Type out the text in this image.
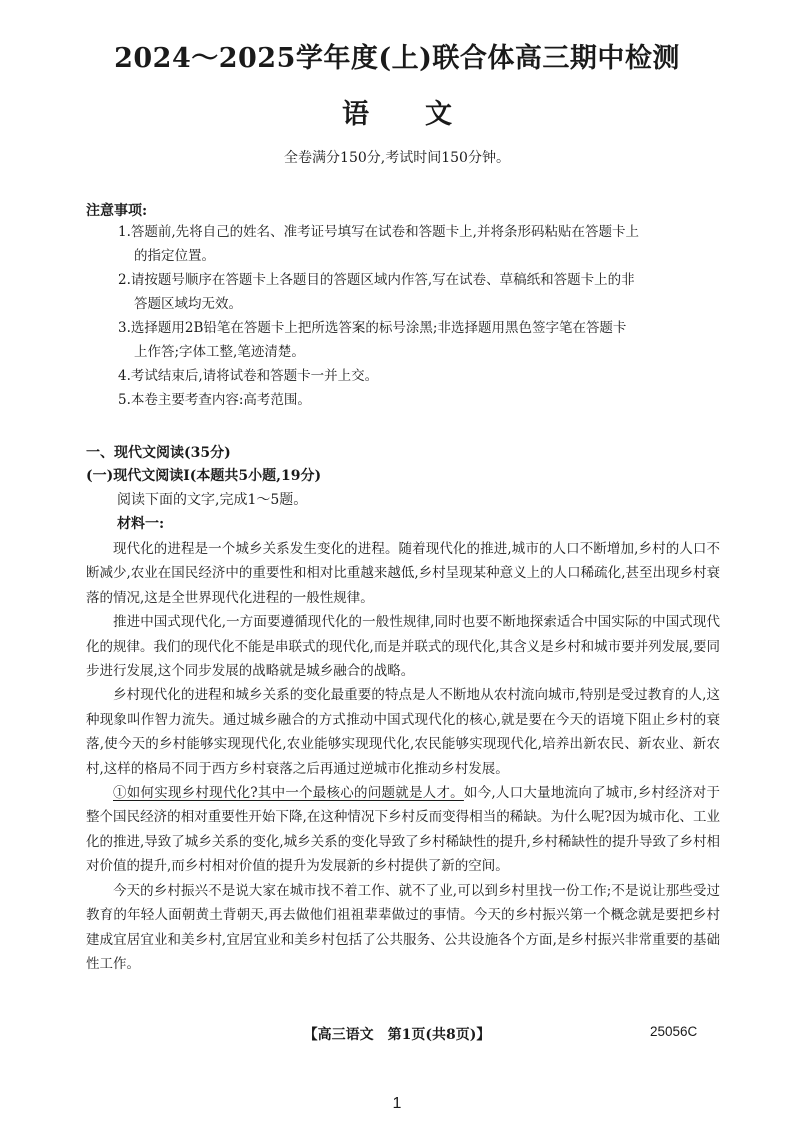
2024～2025学年度(上)联合体高三期中检测
语文
全卷满分150分,考试时间150分钟。
注意事项:
1.答题前,先将自己的姓名、准考证号填写在试卷和答题卡上,并将条形码粘贴在答题卡上
的指定位置。
2.请按题号顺序在答题卡上各题目的答题区域内作答,写在试卷、草稿纸和答题卡上的非
答题区域均无效。
3.选择题用2B铅笔在答题卡上把所选答案的标号涂黑;非选择题用黑色签字笔在答题卡
上作答;字体工整,笔迹清楚。
4.考试结束后,请将试卷和答题卡一并上交。
5.本卷主要考查内容:高考范围。
一、现代文阅读(35分)
(一)现代文阅读Ⅰ(本题共5小题,19分)
阅读下面的文字,完成1～5题。
材料一:

现代化的进程是一个城乡关系发生变化的进程。随着现代化的推进,城市的人口不断增加,乡村的人口不断减少,农业在国民经济中的重要性和相对比重越来越低,乡村呈现某种意义上的人口稀疏化,甚至出现乡村衰落的情况,这是全世界现代化进程的一般性规律。

推进中国式现代化,一方面要遵循现代化的一般性规律,同时也要不断地探索适合中国实际的中国式现代化的规律。我们的现代化不能是串联式的现代化,而是并联式的现代化,其含义是乡村和城市要并列发展,要同步进行发展,这个同步发展的战略就是城乡融合的战略。

乡村现代化的进程和城乡关系的变化最重要的特点是人不断地从农村流向城市,特别是受过教育的人,这种现象叫作智力流失。通过城乡融合的方式推动中国式现代化的核心,就是要在今天的语境下阻止乡村的衰落,使今天的乡村能够实现现代化,农业能够实现现代化,农民能够实现现代化,培养出新农民、新农业、新农村,这样的格局不同于西方乡村衰落之后再通过逆城市化推动乡村发展。

①如何实现乡村现代化?其中一个最核心的问题就是人才。如今,人口大量地流向了城市,乡村经济对于整个国民经济的相对重要性开始下降,在这种情况下乡村反而变得相当的稀缺。为什么呢?因为城市化、工业化的推进,导致了城乡关系的变化,城乡关系的变化导致了乡村稀缺性的提升,乡村稀缺性的提升导致了乡村相对价值的提升,而乡村相对价值的提升为发展新的乡村提供了新的空间。

今天的乡村振兴不是说大家在城市找不着工作、就不了业,可以到乡村里找一份工作;不是说让那些受过教育的年轻人面朝黄土背朝天,再去做他们祖祖辈辈做过的事情。今天的乡村振兴第一个概念就是要把乡村建成宜居宜业和美乡村,宜居宜业和美乡村包括了公共服务、公共设施各个方面,是乡村振兴非常重要的基础性工作。

【高三语文　第1页(共8页)】	25056C
1
